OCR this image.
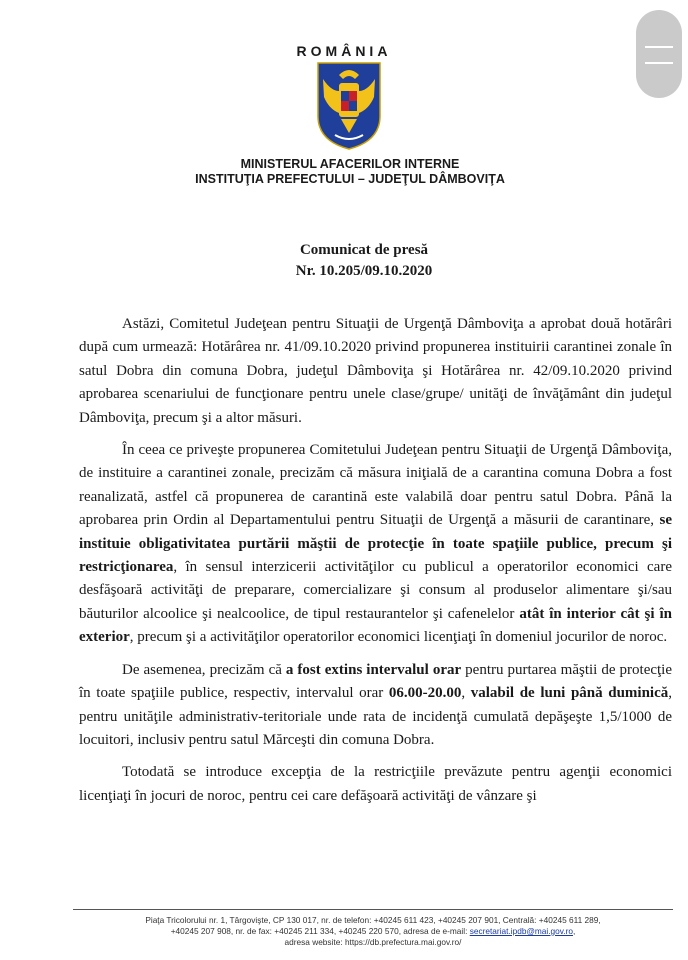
ROMÂNIA
MINISTERUL AFACERILOR INTERNE
INSTITUŢIA PREFECTULUI – JUDEŢUL DÂMBOVIŢA
Comunicat de presă
Nr. 10.205/09.10.2020

Astăzi, Comitetul Judeţean pentru Situaţii de Urgenţă Dâmboviţa a aprobat două hotărâri după cum urmează: Hotărârea nr. 41/09.10.2020 privind propunerea instituirii carantinei zonale în satul Dobra din comuna Dobra, judeţul Dâmboviţa şi Hotărârea nr. 42/09.10.2020 privind aprobarea scenariului de funcţionare pentru unele clase/grupe/ unităţi de învăţământ din judeţul Dâmboviţa, precum şi a altor măsuri.

În ceea ce priveşte propunerea Comitetului Judeţean pentru Situaţii de Urgenţă Dâmboviţa, de instituire a carantinei zonale, precizăm că măsura iniţială de a carantina comuna Dobra a fost reanalizată, astfel că propunerea de carantină este valabilă doar pentru satul Dobra. Până la aprobarea prin Ordin al Departamentului pentru Situaţii de Urgenţă a măsurii de carantinare, se instituie obligativitatea purtării măştii de protecţie în toate spaţiile publice, precum şi restricţionarea, în sensul interzicerii activităţilor cu publicul a operatorilor economici care desfăşoară activităţi de preparare, comercializare şi consum al produselor alimentare şi/sau băuturilor alcoolice şi nealcoolice, de tipul restaurantelor şi cafenelelor atât în interior cât şi în exterior, precum şi a activităţilor operatorilor economici licenţiaţi în domeniul jocurilor de noroc.

De asemenea, precizăm că a fost extins intervalul orar pentru purtarea măştii de protecţie în toate spaţiile publice, respectiv, intervalul orar 06.00-20.00, valabil de luni până duminică, pentru unităţile administrativ-teritoriale unde rata de incidenţă cumulată depăşeşte 1,5/1000 de locuitori, inclusiv pentru satul Mărceşti din comuna Dobra.

Totodată se introduce excepţia de la restricţiile prevăzute pentru agenţii economici licenţiaţi în jocuri de noroc, pentru cei care defăşoară activităţi de vânzare şi

Piaţa Tricolorului nr. 1, Târgovişte, CP 130 017, nr. de telefon: +40245 611 423, +40245 207 901, Centrală: +40245 611 289,
+40245 207 908, nr. de fax: +40245 211 334, +40245 220 570, adresa de e-mail: secretariat.ipdb@mai.gov.ro,
adresa website: https://db.prefectura.mai.gov.ro/
